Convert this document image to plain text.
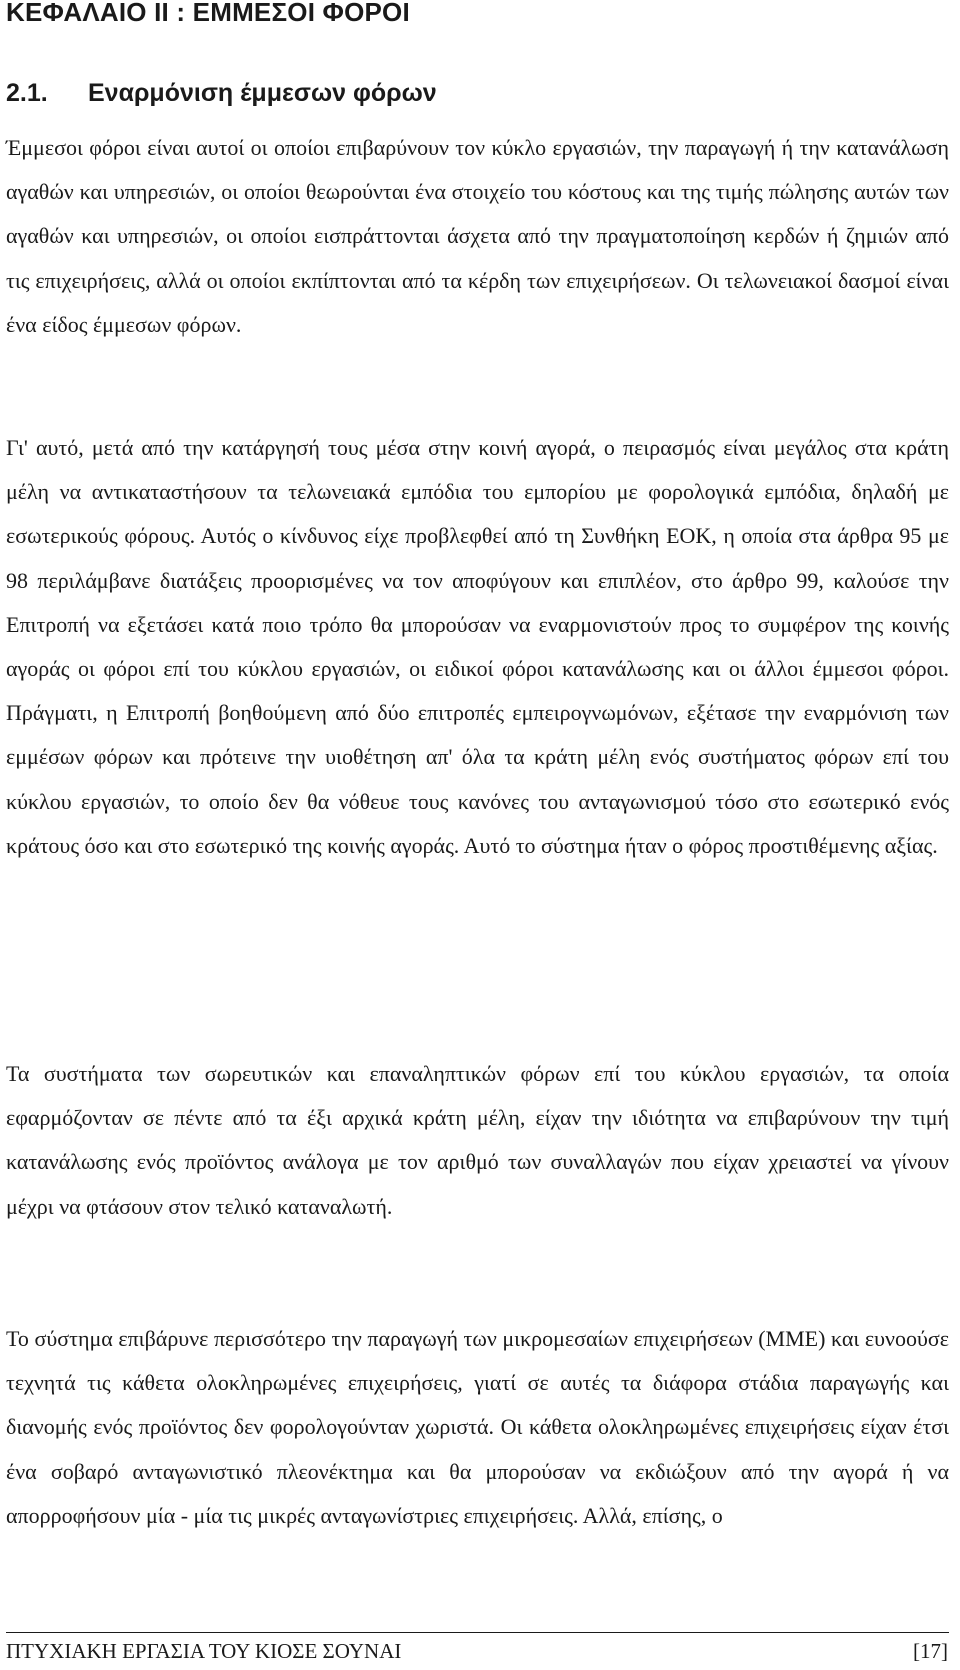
ΚΕΦΑΛΑΙΟ ΙΙ : ΕΜΜΕΣΟΙ ΦΟΡΟΙ
2.1. Εναρμόνιση έμμεσων φόρων

Έμμεσοι φόροι είναι αυτοί οι οποίοι επιβαρύνουν τον κύκλο εργασιών, την παραγωγή ή την κατανάλωση αγαθών και υπηρεσιών, οι οποίοι θεωρούνται ένα στοιχείο του κόστους και της τιμής πώλησης αυτών των αγαθών και υπηρεσιών, οι οποίοι εισπράττονται άσχετα από την πραγματοποίηση κερδών ή ζημιών από τις επιχειρήσεις, αλλά οι οποίοι εκπίπτονται από τα κέρδη των επιχειρήσεων. Οι τελωνειακοί δασμοί είναι ένα είδος έμμεσων φόρων.

Γι' αυτό, μετά από την κατάργησή τους μέσα στην κοινή αγορά, ο πειρασμός είναι μεγάλος στα κράτη μέλη να αντικαταστήσουν τα τελωνειακά εμπόδια του εμπορίου με φορολογικά εμπόδια, δηλαδή με εσωτερικούς φόρους. Αυτός ο κίνδυνος είχε προβλεφθεί από τη Συνθήκη ΕΟΚ, η οποία στα άρθρα 95 με 98 περιλάμβανε διατάξεις προορισμένες να τον αποφύγουν και επιπλέον, στο άρθρο 99, καλούσε την Επιτροπή να εξετάσει κατά ποιο τρόπο θα μπορούσαν να εναρμονιστούν προς το συμφέρον της κοινής αγοράς οι φόροι επί του κύκλου εργασιών, οι ειδικοί φόροι κατανάλωσης και οι άλλοι έμμεσοι φόροι. Πράγματι, η Επιτροπή βοηθούμενη από δύο επιτροπές εμπειρογνωμόνων, εξέτασε την εναρμόνιση των εμμέσων φόρων και πρότεινε την υιοθέτηση απ' όλα τα κράτη μέλη ενός συστήματος φόρων επί του κύκλου εργασιών, το οποίο δεν θα νόθευε τους κανόνες του ανταγωνισμού τόσο στο εσωτερικό ενός κράτους όσο και στο εσωτερικό της κοινής αγοράς. Αυτό το σύστημα ήταν ο φόρος προστιθέμενης αξίας.

Τα συστήματα των σωρευτικών και επαναληπτικών φόρων επί του κύκλου εργασιών, τα οποία εφαρμόζονταν σε πέντε από τα έξι αρχικά κράτη μέλη, είχαν την ιδιότητα να επιβαρύνουν την τιμή κατανάλωσης ενός προϊόντος ανάλογα με τον αριθμό των συναλλαγών που είχαν χρειαστεί να γίνουν μέχρι να φτάσουν στον τελικό καταναλωτή.

Το σύστημα επιβάρυνε περισσότερο την παραγωγή των μικρομεσαίων επιχειρήσεων (ΜΜΕ) και ευνοούσε τεχνητά τις κάθετα ολοκληρωμένες επιχειρήσεις, γιατί σε αυτές τα διάφορα στάδια παραγωγής και διανομής ενός προϊόντος δεν φορολογούνταν χωριστά. Οι κάθετα ολοκληρωμένες επιχειρήσεις είχαν έτσι ένα σοβαρό ανταγωνιστικό πλεονέκτημα και θα μπορούσαν να εκδιώξουν από την αγορά ή να απορροφήσουν μία - μία τις μικρές ανταγωνίστριες επιχειρήσεις. Αλλά, επίσης, ο

ΠΤΥΧΙΑΚΗ ΕΡΓΑΣΙΑ ΤΟΥ ΚΙΟΣΕ ΣΟΥΝΑΙ	[17]
